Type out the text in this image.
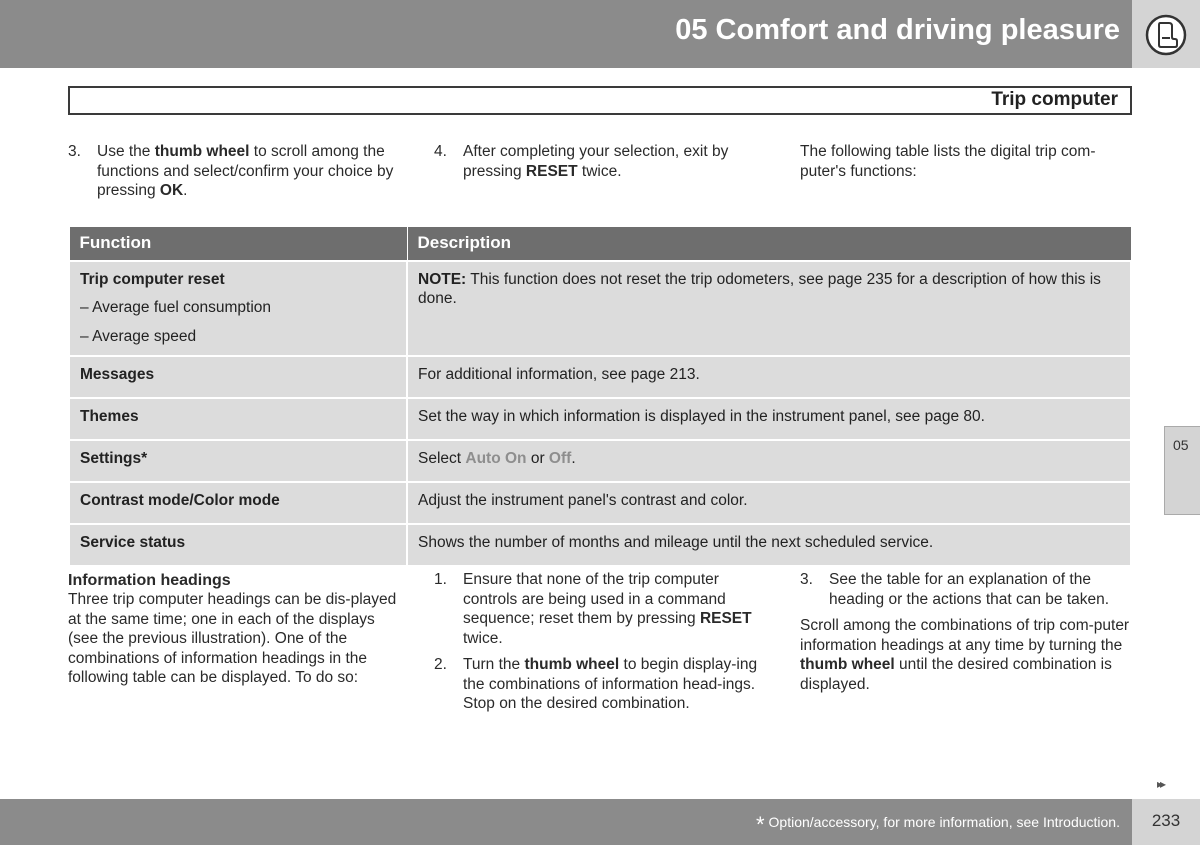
05 Comfort and driving pleasure
Trip computer
3. Use the thumb wheel to scroll among the functions and select/confirm your choice by pressing OK.
4. After completing your selection, exit by pressing RESET twice.

The following table lists the digital trip com-puter's functions:

Function	Description

Trip computer reset
– Average fuel consumption
– Average speed	NOTE: This function does not reset the trip odometers, see page 235 for a description of how this is done.
Messages	For additional information, see page 213.
Themes	Set the way in which information is displayed in the instrument panel, see page 80.
Settings*	Select Auto On or Off.
Contrast mode/Color mode	Adjust the instrument panel's contrast and color.
Service status	Shows the number of months and mileage until the next scheduled service.
Information headings

Three trip computer headings can be dis-played at the same time; one in each of the displays (see the previous illustration). One of the combinations of information headings in the following table can be displayed. To do so:

1. Ensure that none of the trip computer controls are being used in a command sequence; reset them by pressing RESET twice.
2. Turn the thumb wheel to begin display-ing the combinations of information head-ings. Stop on the desired combination.
3. See the table for an explanation of the heading or the actions that can be taken.

Scroll among the combinations of trip com-puter information headings at any time by turning the thumb wheel until the desired combination is displayed.

05
▸▸
* Option/accessory, for more information, see Introduction.	233
